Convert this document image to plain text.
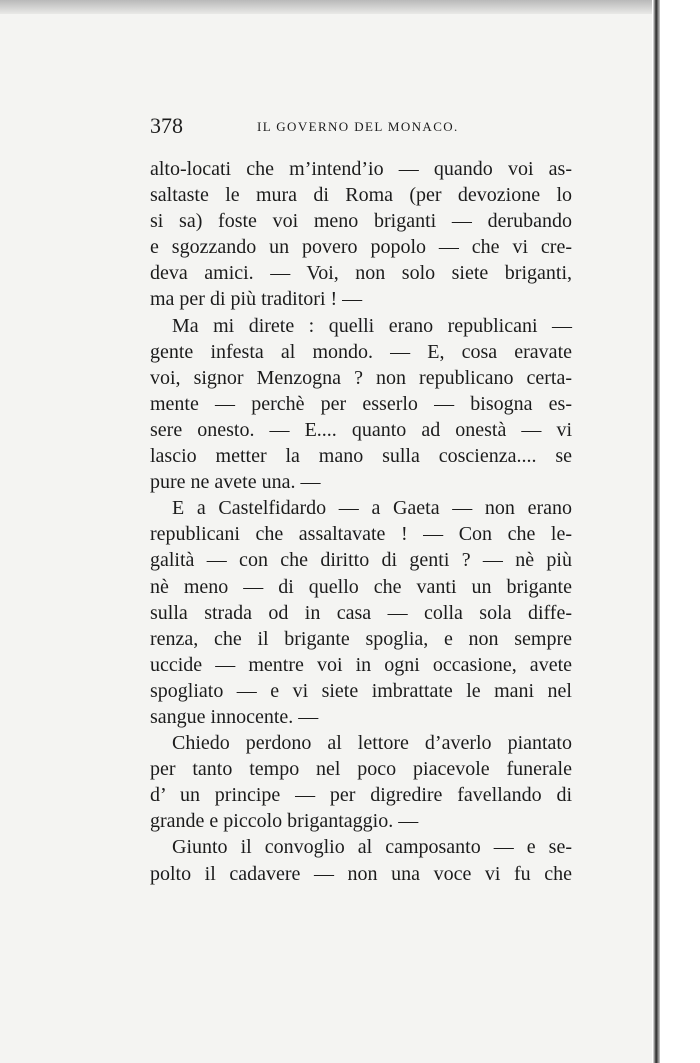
378	IL GOVERNO DEL MONACO.
alto-locati che m’intend’io — quando voi as-
saltaste le mura di Roma (per devozione lo
si sa) foste voi meno briganti — derubando
e sgozzando un povero popolo — che vi cre-
deva amici. — Voi, non solo siete briganti,
ma per di più traditori ! —
Ma mi direte : quelli erano republicani —
gente infesta al mondo. — E, cosa eravate
voi, signor Menzogna ? non republicano certa-
mente — perchè per esserlo — bisogna es-
sere onesto. — E.... quanto ad onestà — vi
lascio metter la mano sulla coscienza.... se
pure ne avete una. —
E a Castelfidardo — a Gaeta — non erano
republicani che assaltavate ! — Con che le-
galità — con che diritto di genti ? — nè più
nè meno — di quello che vanti un brigante
sulla strada od in casa — colla sola diffe-
renza, che il brigante spoglia, e non sempre
uccide — mentre voi in ogni occasione, avete
spogliato — e vi siete imbrattate le mani nel
sangue innocente. —
Chiedo perdono al lettore d’averlo piantato
per tanto tempo nel poco piacevole funerale
d’ un principe — per digredire favellando di
grande e piccolo brigantaggio. —
Giunto il convoglio al camposanto — e se-
polto il cadavere — non una voce vi fu che
